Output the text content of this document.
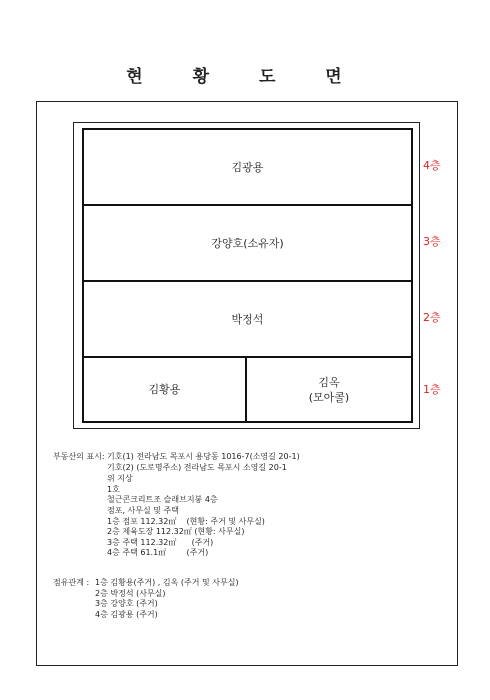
현 황 도 면
김광용
강양호(소유자)
박정석
김황용
김옥
(모아콜)
4층
3층
2층
1층
부동산의 표시: 기호(1) 전라남도 목포시 용당동 1016-7(소영길 20-1)
기호(2) (도로명주소) 전라남도 목포시 소영길 20-1
위 지상
1호
철근콘크리트조 슬래브지붕 4층
점포, 사무실 및 주택
1층 점포 112.32㎡    (현황: 주거 및 사무실)
2층 제육도장 112.32㎡ (현황: 사무실)
3층 주택 112.32㎡      (주거)
4층 주택 61.1㎡        (주거)
점유관계 : 1층 김황용(주거) , 김옥 (주거 및 사무실)
2층 박정석 (사무실)
3층 강양호 (주거)
4층 김광용 (주거)
